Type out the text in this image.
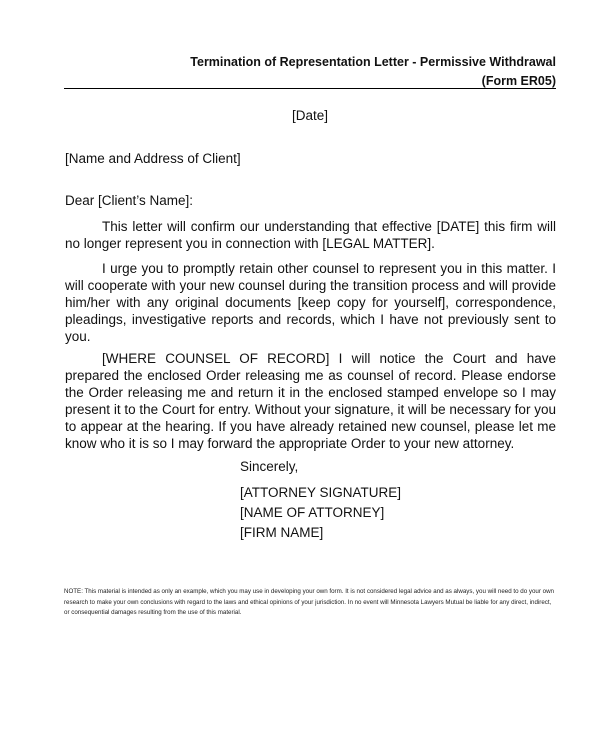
Termination of Representation Letter - Permissive Withdrawal
(Form ER05)
[Date]
[Name and Address of Client]
Dear [Client’s Name]:

This letter will confirm our understanding that effective [DATE] this firm will no longer represent you in connection with [LEGAL MATTER].

I urge you to promptly retain other counsel to represent you in this matter. I will cooperate with your new counsel during the transition process and will provide him/her with any original documents [keep copy for yourself], correspondence, pleadings, investigative reports and records, which I have not previously sent to you.

[WHERE COUNSEL OF RECORD] I will notice the Court and have prepared the enclosed Order releasing me as counsel of record. Please endorse the Order releasing me and return it in the enclosed stamped envelope so I may present it to the Court for entry. Without your signature, it will be necessary for you to appear at the hearing. If you have already retained new counsel, please let me know who it is so I may forward the appropriate Order to your new attorney.

Sincerely,
[ATTORNEY SIGNATURE]
[NAME OF ATTORNEY]
[FIRM NAME]
NOTE: This material is intended as only an example, which you may use in developing your own form. It is not considered legal advice and as always, you will need to do your own research to make your own conclusions with regard to the laws and ethical opinions of your jurisdiction. In no event will Minnesota Lawyers Mutual be liable for any direct, indirect, or consequential damages resulting from the use of this material.
